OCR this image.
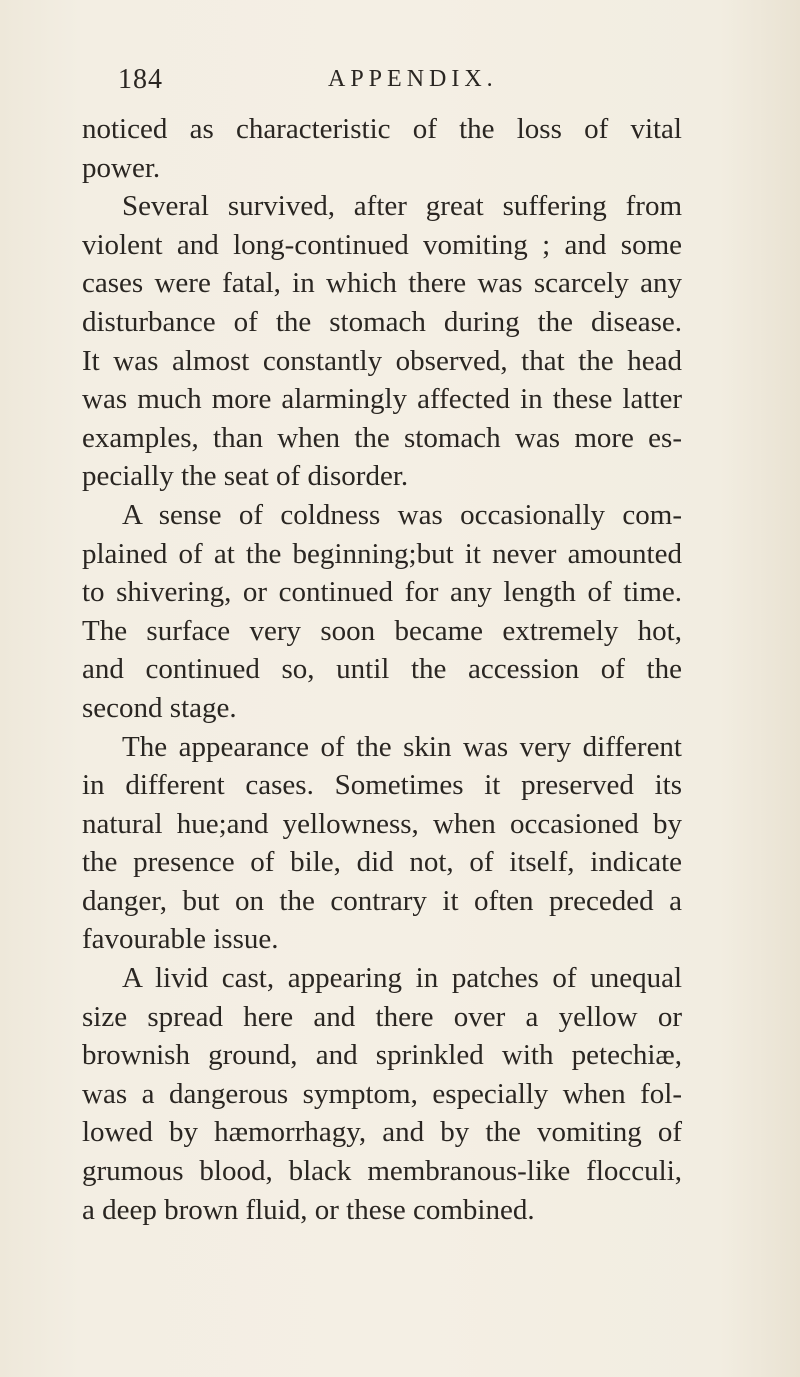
184	APPENDIX.
noticed as characteristic of the loss of vital
power.
Several survived, after great suffering from
violent and long-continued vomiting ; and some
cases were fatal, in which there was scarcely any
disturbance of the stomach during the disease.
It was almost constantly observed, that the head
was much more alarmingly affected in these latter
examples, than when the stomach was more es-
pecially the seat of disorder.
A sense of coldness was occasionally com-
plained of at the beginning;but it never amounted
to shivering, or continued for any length of time.
The surface very soon became extremely hot,
and continued so, until the accession of the
second stage.
The appearance of the skin was very different
in different cases. Sometimes it preserved its
natural hue;and yellowness, when occasioned by
the presence of bile, did not, of itself, indicate
danger, but on the contrary it often preceded a
favourable issue.
A livid cast, appearing in patches of unequal
size spread here and there over a yellow or
brownish ground, and sprinkled with petechiæ,
was a dangerous symptom, especially when fol-
lowed by hæmorrhagy, and by the vomiting of
grumous blood, black membranous-like flocculi,
a deep brown fluid, or these combined.
